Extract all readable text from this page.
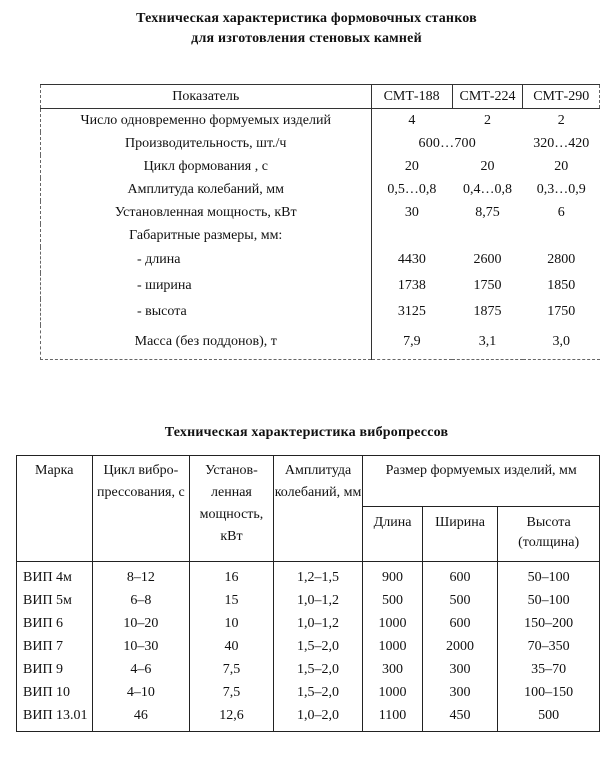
Техническая характеристика формовочных станков
для изготовления стеновых камней
Показатель	СМТ-188	СМТ-224	СМТ-290
Число одновременно формуемых изделий	4	2	2
Производительность, шт./ч	600…700		320…420
Цикл формования , с	20	20	20
Амплитуда колебаний, мм	0,5…0,8	0,4…0,8	0,3…0,9
Установленная мощность, кВт	30	8,75	6
Габаритные размеры, мм:			
- длина	4430	2600	2800
- ширина	1738	1750	1850
- высота	3125	1875	1750
Масса (без поддонов), т	7,9	3,1	3,0
Техническая характеристика вибропрессов
Марка	Цикл вибро-прессования, с	Установ-ленная мощность, кВт	Амплитуда колебаний, мм	Размер формуемых изделий, мм		
				Длина	Ширина	Высота (толщина)
ВИП 4м	8–12	16	1,2–1,5	900	600	50–100
ВИП 5м	6–8	15	1,0–1,2	500	500	50–100
ВИП 6	10–20	10	1,0–1,2	1000	600	150–200
ВИП 7	10–30	40	1,5–2,0	1000	2000	70–350
ВИП 9	4–6	7,5	1,5–2,0	300	300	35–70
ВИП 10	4–10	7,5	1,5–2,0	1000	300	100–150
ВИП 13.01	46	12,6	1,0–2,0	1100	450	500
